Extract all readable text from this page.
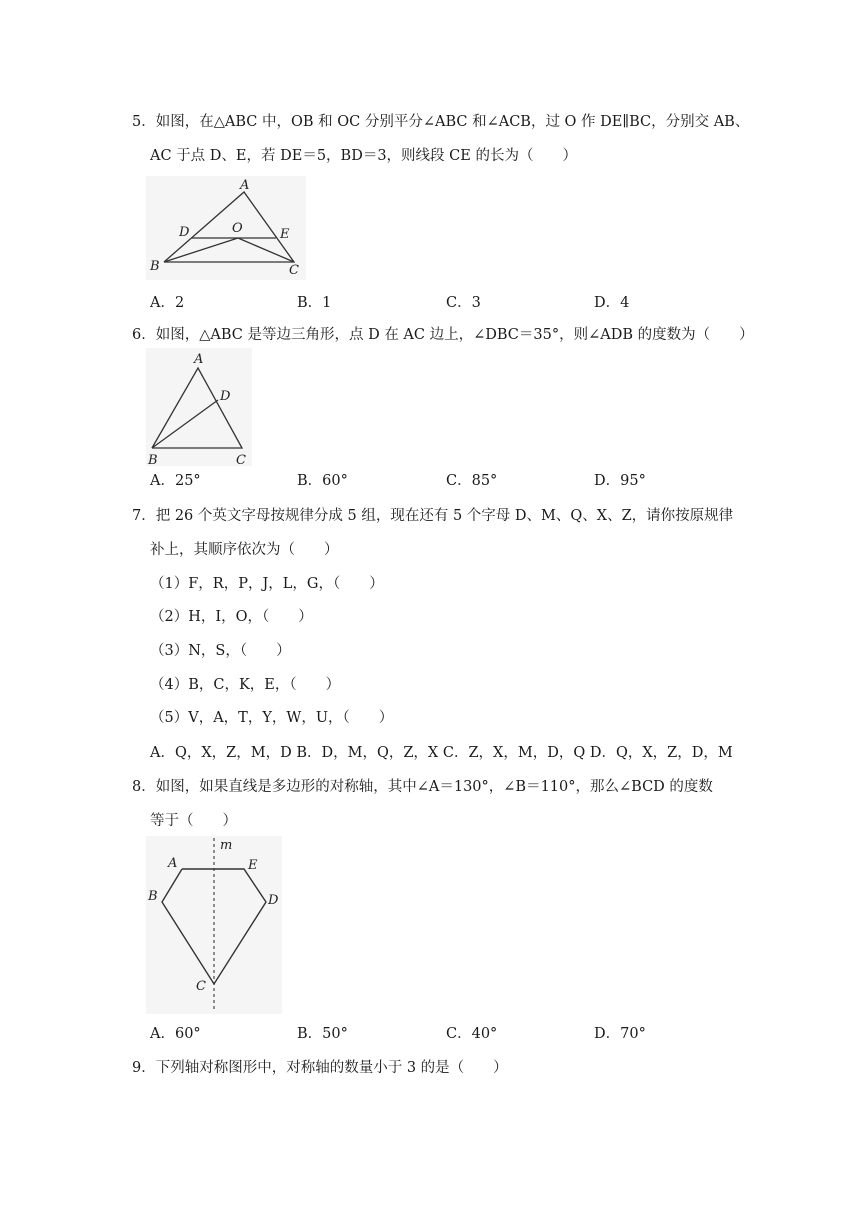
5．如图，在△ABC 中，OB 和 OC 分别平分∠ABC 和∠ACB，过 O 作 DE∥BC，分别交 AB、
AC 于点 D、E，若 DE＝5，BD＝3，则线段 CE 的长为（　　）
A
D	O	E
B	C
A．2	B．1	C．3	D．4
6．如图，△ABC 是等边三角形，点 D 在 AC 边上，∠DBC＝35°，则∠ADB 的度数为（　　）
A
D
B	C
A．25°	B．60°	C．85°	D．95°
7．把 26 个英文字母按规律分成 5 组，现在还有 5 个字母 D、M、Q、X、Z，请你按原规律
补上，其顺序依次为（　　）
（1）F，R，P，J，L，G，（　　）
（2）H，I，O，（　　）
（3）N，S，（　　）
（4）B，C，K，E，（　　）
（5）V，A，T，Y，W，U，（　　）
A．Q，X，Z，M，D B．D，M，Q，Z，X C．Z，X，M，D，Q D．Q，X，Z，D，M
8．如图，如果直线是多边形的对称轴，其中∠A＝130°，∠B＝110°，那么∠BCD 的度数
等于（　　）
m
A	E
B	D
C
A．60°	B．50°	C．40°	D．70°
9．下列轴对称图形中，对称轴的数量小于 3 的是（　　）
